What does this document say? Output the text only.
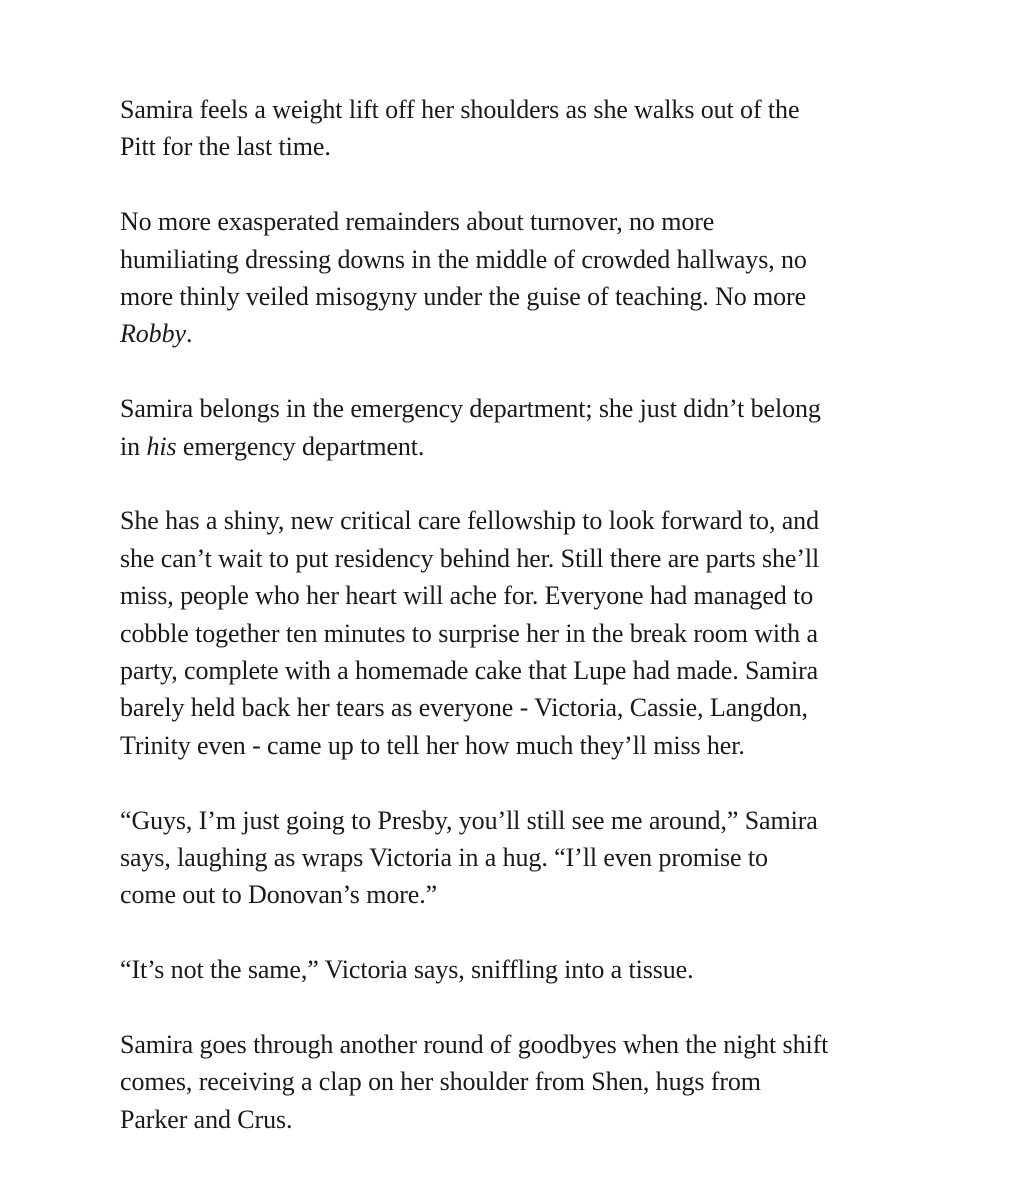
Samira feels a weight lift off her shoulders as she walks out of the
Pitt for the last time.

No more exasperated remainders about turnover, no more
humiliating dressing downs in the middle of crowded hallways, no
more thinly veiled misogyny under the guise of teaching. No more
Robby.

Samira belongs in the emergency department; she just didn’t belong
in his emergency department.

She has a shiny, new critical care fellowship to look forward to, and
she can’t wait to put residency behind her. Still there are parts she’ll
miss, people who her heart will ache for. Everyone had managed to
cobble together ten minutes to surprise her in the break room with a
party, complete with a homemade cake that Lupe had made. Samira
barely held back her tears as everyone - Victoria, Cassie, Langdon,
Trinity even - came up to tell her how much they’ll miss her.

“Guys, I’m just going to Presby, you’ll still see me around,” Samira
says, laughing as wraps Victoria in a hug. “I’ll even promise to
come out to Donovan’s more.”

“It’s not the same,” Victoria says, sniffling into a tissue.

Samira goes through another round of goodbyes when the night shift
comes, receiving a clap on her shoulder from Shen, hugs from
Parker and Crus.
